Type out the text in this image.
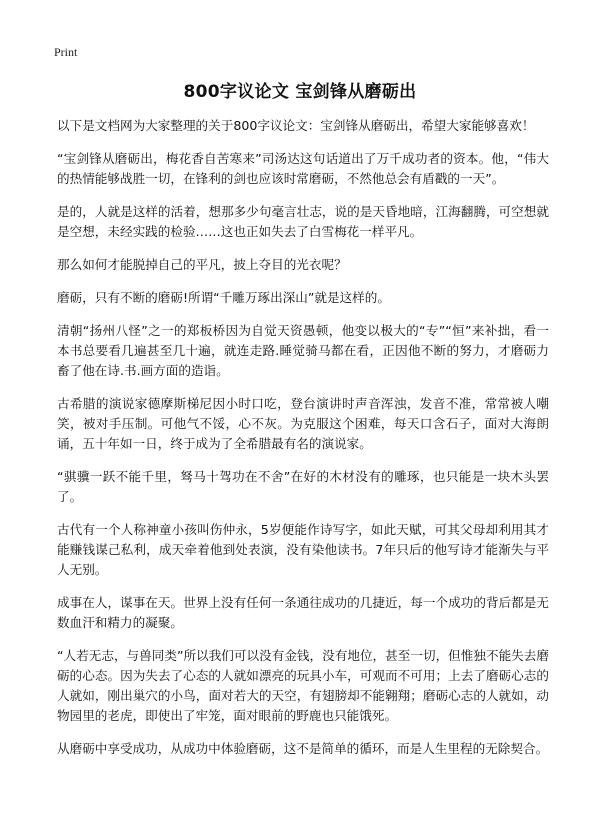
Print
800字议论文 宝剑锋从磨砺出

以下是文档网为大家整理的关于800字议论文：宝剑锋从磨砺出，希望大家能够喜欢！

“宝剑锋从磨砺出，梅花香自苦寒来”司汤达这句话道出了万千成功者的资本。他，“伟大的热情能够战胜一切，在锋利的剑也应该时常磨砺，不然他总会有盾戳的一天”。

是的，人就是这样的活着，想那多少句毫言壮志，说的是天昏地暗，江海翻腾，可空想就是空想，未经实践的检验……这也正如失去了白雪梅花一样平凡。

那么如何才能脱掉自己的平凡，披上夺目的光衣呢？

磨砺，只有不断的磨砺!所谓“千雕万琢出深山”就是这样的。

清朝“扬州八怪”之一的郑板桥因为自觉天资愚顿，他变以极大的“专”“恒”来补拙，看一本书总要看几遍甚至几十遍，就连走路.睡觉骑马都在看，正因他不断的努力，才磨砺力畜了他在诗.书.画方面的造诣。

古希腊的演说家德摩斯梯尼因小时口吃，登台演讲时声音浑浊，发音不准，常常被人嘲笑，被对手压制。可他气不馁，心不灰。为克服这个困难，每天口含石子，面对大海朗诵，五十年如一日，终于成为了全希腊最有名的演说家。

“骐骥一跃不能千里，驽马十驾功在不舍”在好的木材没有的雕琢，也只能是一块木头罢了。

古代有一个人称神童小孩叫伤仲永，5岁便能作诗写字，如此天赋，可其父母却利用其才能赚钱谋己私利，成天牵着他到处表演，没有染他读书。7年只后的他写诗才能渐失与平人无别。

成事在人，谋事在天。世界上没有任何一条通往成功的几捷近，每一个成功的背后都是无数血汗和精力的凝聚。

“人若无志，与兽同类”所以我们可以没有金钱，没有地位，甚至一切，但惟独不能失去磨砺的心态。因为失去了心态的人就如漂亮的玩具小车，可观而不可用；上去了磨砺心志的人就如，刚出巢穴的小鸟，面对若大的天空，有翅膀却不能翱翔；磨砺心志的人就如，动物园里的老虎，即使出了牢笼，面对眼前的野鹿也只能饿死。

从磨砺中享受成功，从成功中体验磨砺，这不是简单的循环，而是人生里程的无除契合。
